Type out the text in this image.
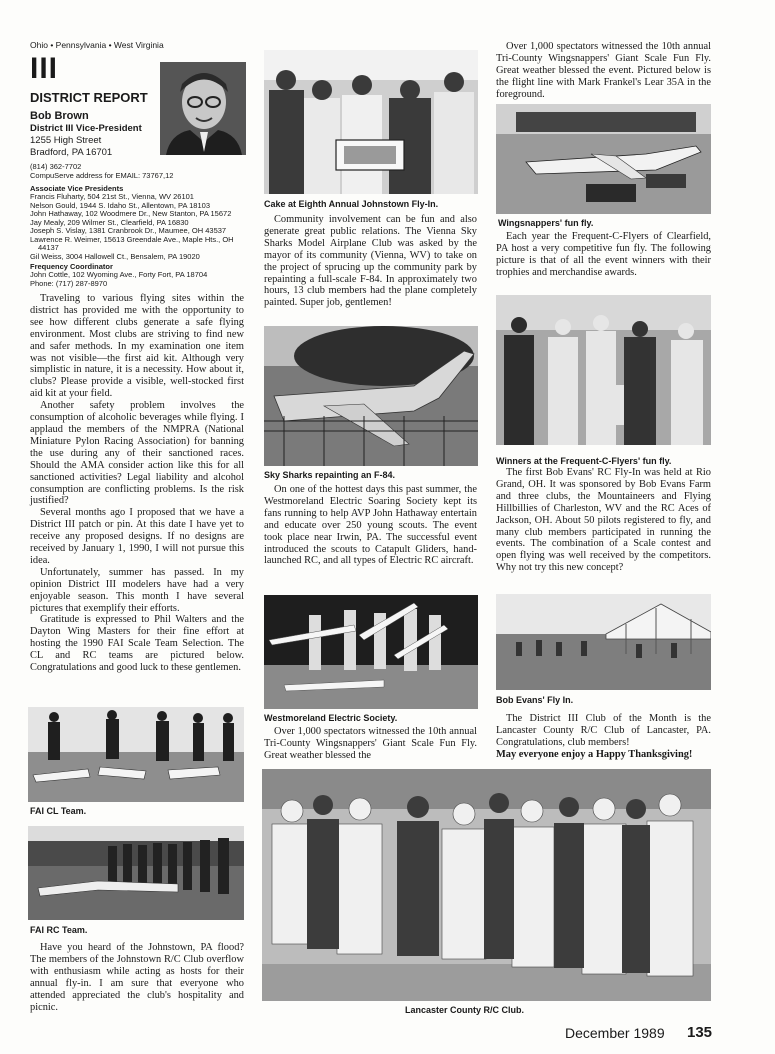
Ohio • Pennsylvania • West Virginia
III
DISTRICT REPORT
Bob Brown
District III Vice-President
1255 High Street
Bradford, PA 16701
(814) 362-7702
CompuServe address for EMAIL: 73767,12
Associate Vice Presidents
Francis Fluharty, 504 21st St., Vienna, WV 26101
Nelson Gould, 1944 S. Idaho St., Allentown, PA 18103
John Hathaway, 102 Woodmere Dr., New Stanton, PA 15672
Jay Mealy, 209 Wilmer St., Clearfield, PA 16830
Joseph S. Vislay, 1381 Cranbrook Dr., Maumee, OH 43537
Lawrence R. Weimer, 15613 Greendale Ave., Maple Hts., OH
44137
Gil Weiss, 3004 Hallowell Ct., Bensalem, PA 19020
Frequency Coordinator
John Cottle, 102 Wyoming Ave., Forty Fort, PA 18704
Phone: (717) 287-8970

Traveling to various flying sites within the district has provided me with the opportunity to see how different clubs generate a safe flying environment. Most clubs are striving to find new and safer methods. In my examination one item was not visible—the first aid kit. Although very simplistic in nature, it is a necessity. How about it, clubs? Please provide a visible, well-stocked first aid kit at your field.

Another safety problem involves the consumption of alcoholic beverages while flying. I applaud the members of the NMPRA (National Miniature Pylon Racing Association) for banning the use during any of their sanctioned races. Should the AMA consider action like this for all sanctioned activities? Legal liability and alcohol consumption are conflicting problems. Is the risk justified?

Several months ago I proposed that we have a District III patch or pin. At this date I have yet to receive any proposed designs. If no designs are received by January 1, 1990, I will not pursue this idea.

Unfortunately, summer has passed. In my opinion District III modelers have had a very enjoyable season. This month I have several pictures that exemplify their efforts.

Gratitude is expressed to Phil Walters and the Dayton Wing Masters for their fine effort at hosting the 1990 FAI Scale Team Selection. The CL and RC teams are pictured below. Congratulations and good luck to these gentlemen.

FAI CL Team.
FAI RC Team.
Have you heard of the Johnstown, PA flood? The members of the Johnstown R/C Club overflow with enthusiasm while acting as hosts for their annual fly-in. I am sure that everyone who attended appreciated the club's hospitality and picnic.
Cake at Eighth Annual Johnstown Fly-In.
Community involvement can be fun and also generate great public relations. The Vienna Sky Sharks Model Airplane Club was asked by the mayor of its community (Vienna, WV) to take on the project of sprucing up the community park by repainting a full-scale F-84. In approximately two hours, 13 club members had the plane completely painted. Super job, gentlemen!
Sky Sharks repainting an F-84.
On one of the hottest days this past summer, the Westmoreland Electric Soaring Society kept its fans running to help AVP John Hathaway entertain and educate over 250 young scouts. The event took place near Irwin, PA. The successful event introduced the scouts to Catapult Gliders, hand-launched RC, and all types of Electric RC aircraft.
Westmoreland Electric Society.
Over 1,000 spectators witnessed the 10th annual Tri-County Wingsnappers' Giant Scale Fun Fly. Great weather blessed the
Over 1,000 spectators witnessed the 10th annual Tri-County Wingsnappers' Giant Scale Fun Fly. Great weather blessed the event. Pictured below is the flight line with Mark Frankel's Lear 35A in the foreground.
Wingsnappers' fun fly.
Each year the Frequent-C-Flyers of Clearfield, PA host a very competitive fun fly. The following picture is that of all the event winners with their trophies and merchandise awards.
Winners at the Frequent-C-Flyers' fun fly.
The first Bob Evans' RC Fly-In was held at Rio Grand, OH. It was sponsored by Bob Evans Farm and three clubs, the Mountaineers and Flying Hillbillies of Charleston, WV and the RC Aces of Jackson, OH. About 50 pilots registered to fly, and many club members participated in running the events. The combination of a Scale contest and open flying was well received by the competitors. Why not try this new concept?
Bob Evans' Fly In.
The District III Club of the Month is the Lancaster County R/C Club of Lancaster, PA. Congratulations, club members!
May everyone enjoy a Happy Thanksgiving!
Lancaster County R/C Club.
December 1989 135
